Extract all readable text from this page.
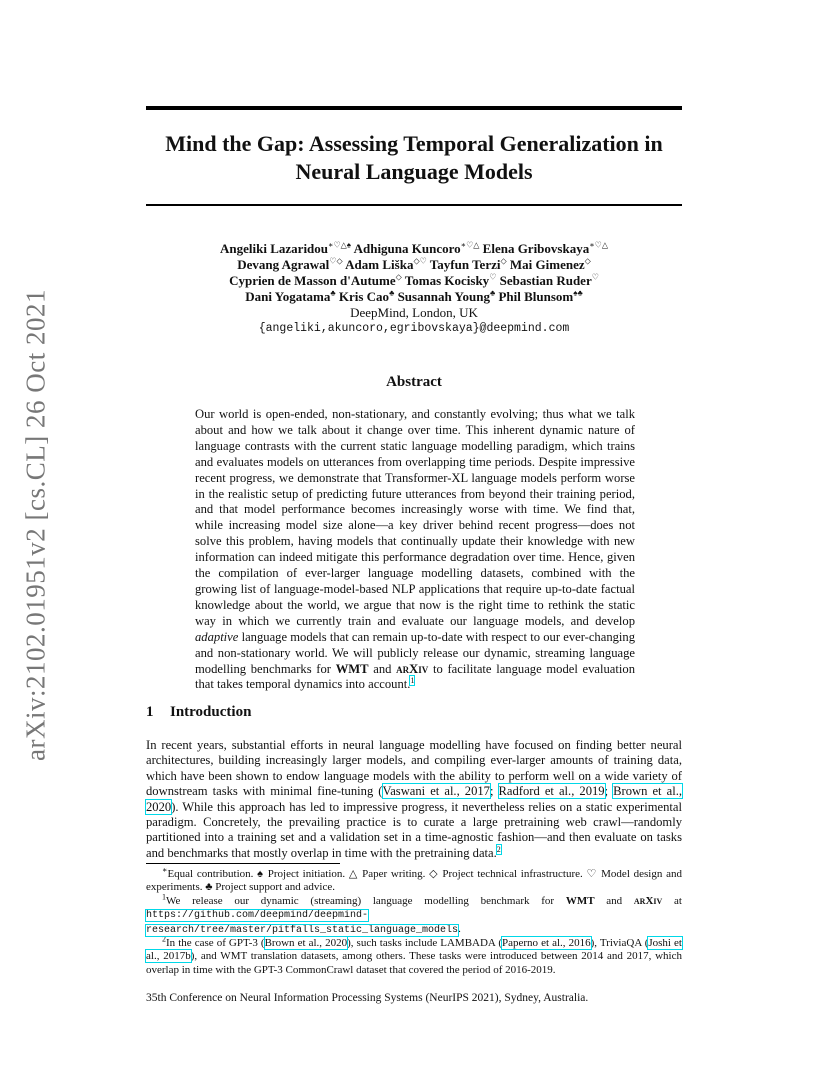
arXiv:2102.01951v2 [cs.CL] 26 Oct 2021
Mind the Gap: Assessing Temporal Generalization in Neural Language Models
Angeliki Lazaridou∗♡△♠ Adhiguna Kuncoro∗♡△ Elena Gribovskaya∗♡△
Devang Agrawal♡◇ Adam Liška◇♡ Tayfun Terzi◇ Mai Gimenez◇
Cyprien de Masson d'Autume◇ Tomas Kocisky♡ Sebastian Ruder♡
Dani Yogatama♣ Kris Cao♣ Susannah Young♣ Phil Blunsom♠♣
DeepMind, London, UK
{angeliki,akuncoro,egribovskaya}@deepmind.com
Abstract
Our world is open-ended, non-stationary, and constantly evolving; thus what we talk about and how we talk about it change over time. This inherent dynamic nature of language contrasts with the current static language modelling paradigm, which trains and evaluates models on utterances from overlapping time periods. Despite impressive recent progress, we demonstrate that Transformer-XL language models perform worse in the realistic setup of predicting future utterances from beyond their training period, and that model performance becomes increasingly worse with time. We find that, while increasing model size alone—a key driver behind recent progress—does not solve this problem, having models that continually update their knowledge with new information can indeed mitigate this performance degradation over time. Hence, given the compilation of ever-larger language modelling datasets, combined with the growing list of language-model-based NLP applications that require up-to-date factual knowledge about the world, we argue that now is the right time to rethink the static way in which we currently train and evaluate our language models, and develop adaptive language models that can remain up-to-date with respect to our ever-changing and non-stationary world. We will publicly release our dynamic, streaming language modelling benchmarks for WMT and arXiv to facilitate language model evaluation that takes temporal dynamics into account.$^1$
1 Introduction
In recent years, substantial efforts in neural language modelling have focused on finding better neural architectures, building increasingly larger models, and compiling ever-larger amounts of training data, which have been shown to endow language models with the ability to perform well on a wide variety of downstream tasks with minimal fine-tuning (Vaswani et al., 2017; Radford et al., 2019; Brown et al., 2020). While this approach has led to impressive progress, it nevertheless relies on a static experimental paradigm. Concretely, the prevailing practice is to curate a large pretraining web crawl—randomly partitioned into a training set and a validation set in a time-agnostic fashion—and then evaluate on tasks and benchmarks that mostly overlap in time with the pretraining data.$^2$

∗Equal contribution. ♠ Project initiation. △ Paper writing. ◇ Project technical infrastructure. ♡ Model design and experiments. ♣ Project support and advice.

$^1$We release our dynamic (streaming) language modelling benchmark for WMT and arXiv at https://github.com/deepmind/deepmind-research/tree/master/pitfalls_static_language_models.

$^2$In the case of GPT-3 (Brown et al., 2020), such tasks include LAMBADA (Paperno et al., 2016), TriviaQA (Joshi et al., 2017b), and WMT translation datasets, among others. These tasks were introduced between 2014 and 2017, which overlap in time with the GPT-3 CommonCrawl dataset that covered the period of 2016-2019.

35th Conference on Neural Information Processing Systems (NeurIPS 2021), Sydney, Australia.
